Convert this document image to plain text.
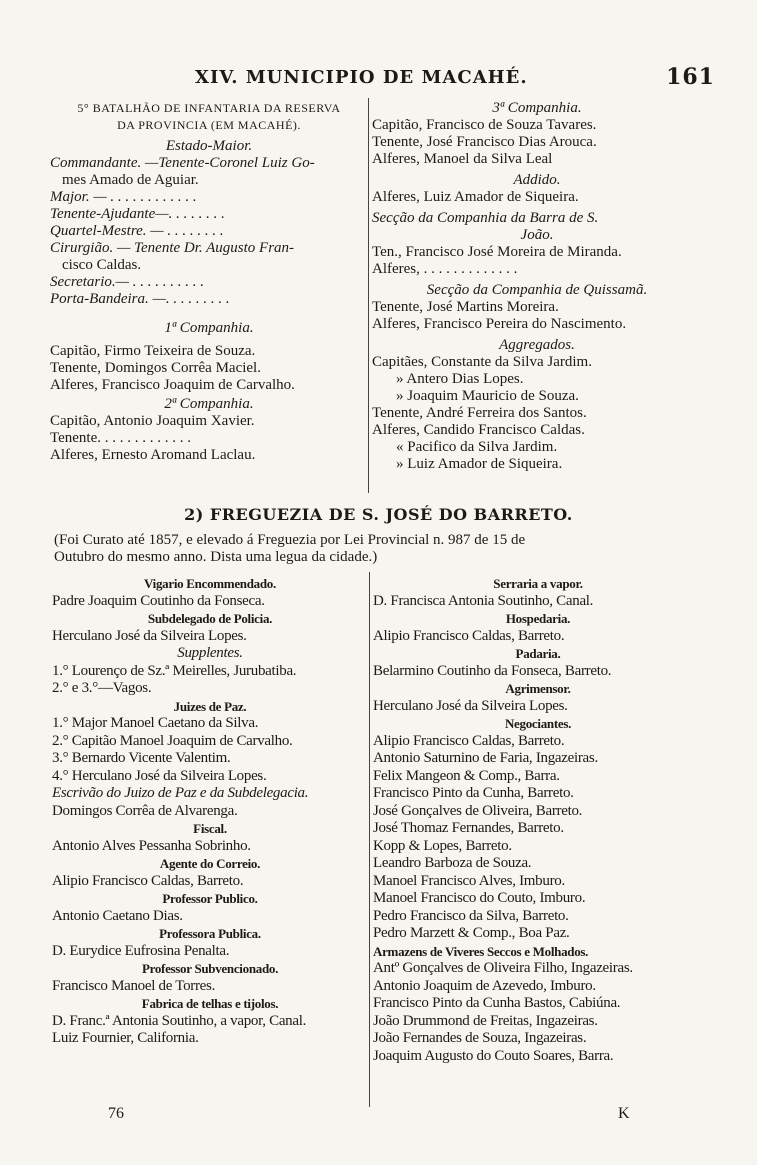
XIV. MUNICIPIO DE MACAHÉ.	161
5° BATALHÃO DE INFANTARIA DA RESERVA
DA PROVINCIA (EM MACAHÉ).
Estado-Maior.
Commandante. —Tenente-Coronel Luiz Go-
mes Amado de Aguiar.
Major. — . . . . . . . . . . . .
Tenente-Ajudante—. . . . . . . .
Quartel-Mestre. — . . . . . . . .
Cirurgião. — Tenente Dr. Augusto Fran-
cisco Caldas.
Secretario.— . . . . . . . . . .
Porta-Bandeira. —. . . . . . . . .
1ª Companhia.
Capitão, Firmo Teixeira de Souza.
Tenente, Domingos Corrêa Maciel.
Alferes, Francisco Joaquim de Carvalho.
2ª Companhia.
Capitão, Antonio Joaquim Xavier.
Tenente. . . . . . . . . . . . .
Alferes, Ernesto Aromand Laclau.
3ª Companhia.
Capitão, Francisco de Souza Tavares.
Tenente, José Francisco Dias Arouca.
Alferes, Manoel da Silva Leal
Addido.
Alferes, Luiz Amador de Siqueira.
Secção da Companhia da Barra de S.
João.
Ten., Francisco José Moreira de Miranda.
Alferes, . . . . . . . . . . . . .
Secção da Companhia de Quissamã.
Tenente, José Martins Moreira.
Alferes, Francisco Pereira do Nascimento.
Aggregados.
Capitães, Constante da Silva Jardim.
» Antero Dias Lopes.
» Joaquim Mauricio de Souza.
Tenente, André Ferreira dos Santos.
Alferes, Candido Francisco Caldas.
« Pacifico da Silva Jardim.
» Luiz Amador de Siqueira.
2) FREGUEZIA DE S. JOSÉ DO BARRETO.
(Foi Curato até 1857, e elevado á Freguezia por Lei Provincial n. 987 de 15 de
Outubro do mesmo anno. Dista uma legua da cidade.)
Vigario Encommendado.
Padre Joaquim Coutinho da Fonseca.
Subdelegado de Policia.
Herculano José da Silveira Lopes.
Supplentes.
1.° Lourenço de Sz.ª Meirelles, Jurubatiba.
2.° e 3.°—Vagos.
Juizes de Paz.
1.° Major Manoel Caetano da Silva.
2.° Capitão Manoel Joaquim de Carvalho.
3.° Bernardo Vicente Valentim.
4.° Herculano José da Silveira Lopes.
Escrivão do Juizo de Paz e da Subdelegacia.
Domingos Corrêa de Alvarenga.
Fiscal.
Antonio Alves Pessanha Sobrinho.
Agente do Correio.
Alipio Francisco Caldas, Barreto.
Professor Publico.
Antonio Caetano Dias.
Professora Publica.
D. Eurydice Eufrosina Penalta.
Professor Subvencionado.
Francisco Manoel de Torres.
Fabrica de telhas e tijolos.
D. Franc.ª Antonia Soutinho, a vapor, Canal.
Luiz Fournier, California.
Serraria a vapor.
D. Francisca Antonia Soutinho, Canal.
Hospedaria.
Alipio Francisco Caldas, Barreto.
Padaria.
Belarmino Coutinho da Fonseca, Barreto.
Agrimensor.
Herculano José da Silveira Lopes.
Negociantes.
Alipio Francisco Caldas, Barreto.
Antonio Saturnino de Faria, Ingazeiras.
Felix Mangeon & Comp., Barra.
Francisco Pinto da Cunha, Barreto.
José Gonçalves de Oliveira, Barreto.
José Thomaz Fernandes, Barreto.
Kopp & Lopes, Barreto.
Leandro Barboza de Souza.
Manoel Francisco Alves, Imburo.
Manoel Francisco do Couto, Imburo.
Pedro Francisco da Silva, Barreto.
Pedro Marzett & Comp., Boa Paz.
Armazens de Viveres Seccos e Molhados.
Antº Gonçalves de Oliveira Filho, Ingazeiras.
Antonio Joaquim de Azevedo, Imburo.
Francisco Pinto da Cunha Bastos, Cabiúna.
João Drummond de Freitas, Ingazeiras.
João Fernandes de Souza, Ingazeiras.
Joaquim Augusto do Couto Soares, Barra.
76	K
